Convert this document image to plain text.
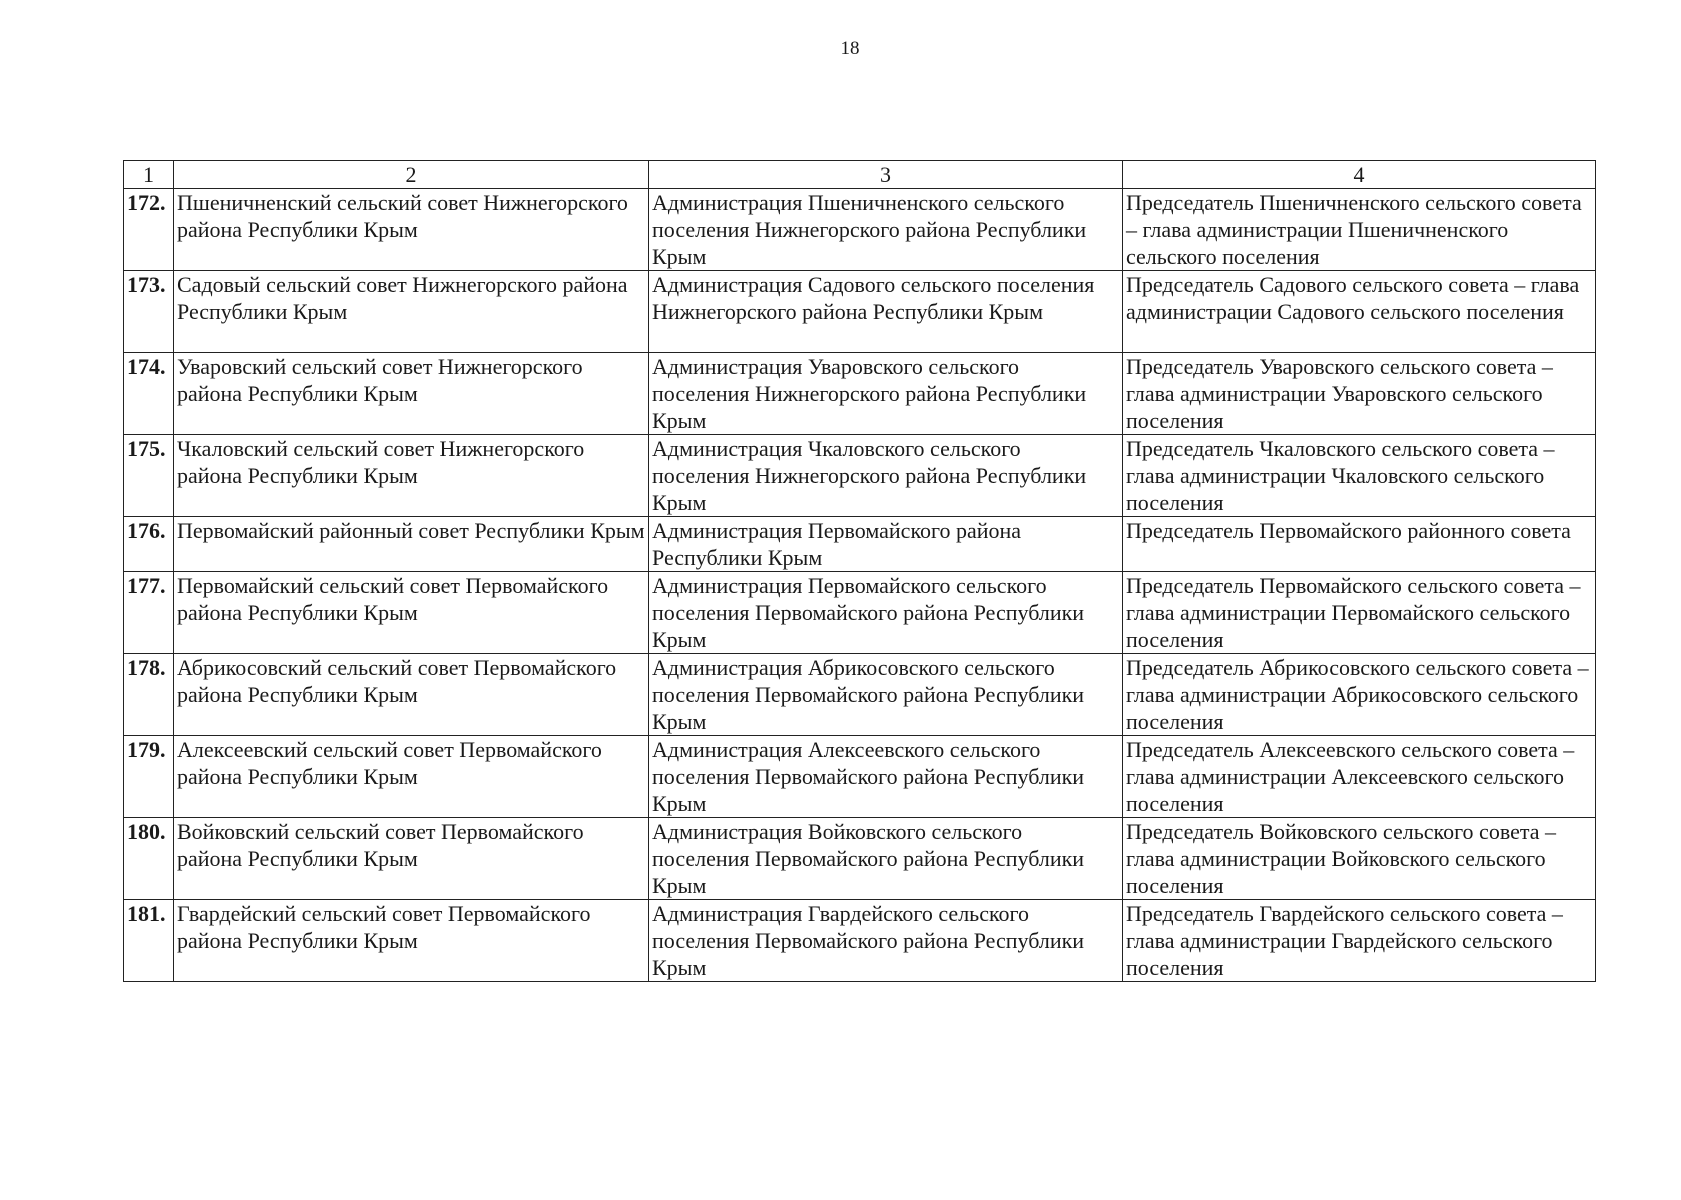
18
1	2	3	4
172.	Пшеничненский сельский совет Нижнегорского района Республики Крым	Администрация Пшеничненского сельского поселения Нижнегорского района Республики Крым	Председатель Пшеничненского сельского совета – глава администрации Пшеничненского сельского поселения
173.	Садовый сельский совет Нижнегорского района Республики Крым	Администрация Садового сельского поселения Нижнегорского района Республики Крым	Председатель Садового сельского совета – глава администрации Садового сельского поселения
174.	Уваровский сельский совет Нижнегорского района Республики Крым	Администрация Уваровского сельского поселения Нижнегорского района Республики Крым	Председатель Уваровского сельского совета – глава администрации Уваровского сельского поселения
175.	Чкаловский сельский совет Нижнегорского района Республики Крым	Администрация Чкаловского сельского поселения Нижнегорского района Республики Крым	Председатель Чкаловского сельского совета – глава администрации Чкаловского сельского поселения
176.	Первомайский районный совет Республики Крым	Администрация Первомайского района Республики Крым	Председатель Первомайского районного совета
177.	Первомайский сельский совет Первомайского района Республики Крым	Администрация Первомайского сельского поселения Первомайского района Республики Крым	Председатель Первомайского сельского совета – глава администрации Первомайского сельского поселения
178.	Абрикосовский сельский совет Первомайского района Республики Крым	Администрация Абрикосовского сельского поселения Первомайского района Республики Крым	Председатель Абрикосовского сельского совета – глава администрации Абрикосовского сельского поселения
179.	Алексеевский сельский совет Первомайского района Республики Крым	Администрация Алексеевского сельского поселения Первомайского района Республики Крым	Председатель Алексеевского сельского совета – глава администрации Алексеевского сельского поселения
180.	Войковский сельский совет Первомайского района Республики Крым	Администрация Войковского сельского поселения Первомайского района Республики Крым	Председатель Войковского сельского совета – глава администрации Войковского сельского поселения
181.	Гвардейский сельский совет Первомайского района Республики Крым	Администрация Гвардейского сельского поселения Первомайского района Республики Крым	Председатель Гвардейского сельского совета – глава администрации Гвардейского сельского поселения
